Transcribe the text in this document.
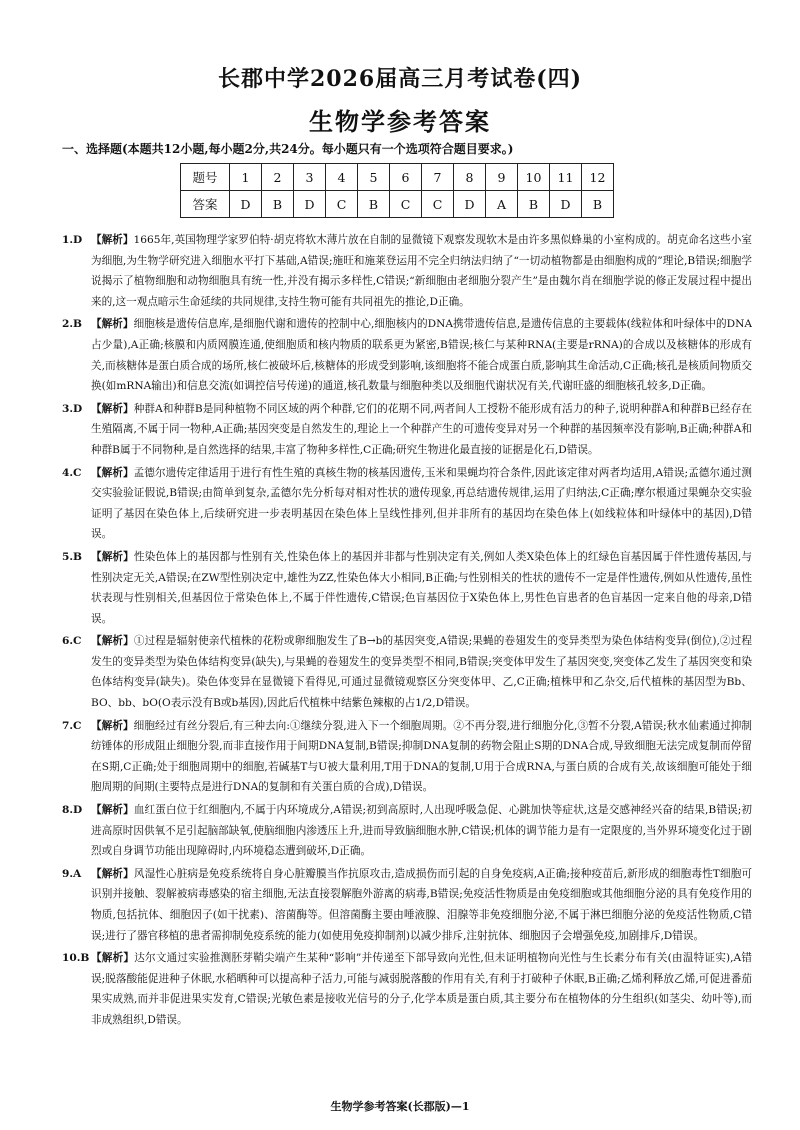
长郡中学2026届高三月考试卷(四)
生物学参考答案
一、选择题(本题共12小题,每小题2分,共24分。每小题只有一个选项符合题目要求。)
题号	1	2	3	4	5	6	7	8	9	10	11	12
答案	D	B	D	C	B	C	C	D	A	B	D	B
1.D 【解析】1665年,英国物理学家罗伯特·胡克将软木薄片放在自制的显微镜下观察发现软木是由许多黑似蜂巢的小室构成的。胡克命名这些小室为细胞,为生物学研究进入细胞水平打下基础,A错误;施旺和施莱登运用不完全归纳法归纳了“一切动植物都是由细胞构成的”理论,B错误;细胞学说揭示了植物细胞和动物细胞具有统一性,并没有揭示多样性,C错误;“新细胞由老细胞分裂产生”是由魏尔肖在细胞学说的修正发展过程中提出来的,这一观点暗示生命延续的共同规律,支持生物可能有共同祖先的推论,D正确。
2.B 【解析】细胞核是遗传信息库,是细胞代谢和遗传的控制中心,细胞核内的DNA携带遗传信息,是遗传信息的主要载体(线粒体和叶绿体中的DNA占少量),A正确;核膜和内质网膜连通,使细胞质和核内物质的联系更为紧密,B错误;核仁与某种RNA(主要是rRNA)的合成以及核糖体的形成有关,而核糖体是蛋白质合成的场所,核仁被破坏后,核糖体的形成受到影响,该细胞将不能合成蛋白质,影响其生命活动,C正确;核孔是核质间物质交换(如mRNA输出)和信息交流(如调控信号传递)的通道,核孔数量与细胞种类以及细胞代谢状况有关,代谢旺盛的细胞核孔较多,D正确。
3.D 【解析】种群A和种群B是同种植物不同区域的两个种群,它们的花期不同,两者间人工授粉不能形成有活力的种子,说明种群A和种群B已经存在生殖隔离,不属于同一物种,A正确;基因突变是自然发生的,理论上一个种群产生的可遗传变异对另一个种群的基因频率没有影响,B正确;种群A和种群B属于不同物种,是自然选择的结果,丰富了物种多样性,C正确;研究生物进化最直接的证据是化石,D错误。
4.C 【解析】孟德尔遗传定律适用于进行有性生殖的真核生物的核基因遗传,玉米和果蝇均符合条件,因此该定律对两者均适用,A错误;孟德尔通过测交实验验证假说,B错误;由简单到复杂,孟德尔先分析每对相对性状的遗传现象,再总结遗传规律,运用了归纳法,C正确;摩尔根通过果蝇杂交实验证明了基因在染色体上,后续研究进一步表明基因在染色体上呈线性排列,但并非所有的基因均在染色体上(如线粒体和叶绿体中的基因),D错误。
5.B 【解析】性染色体上的基因都与性别有关,性染色体上的基因并非都与性别决定有关,例如人类X染色体上的红绿色盲基因属于伴性遗传基因,与性别决定无关,A错误;在ZW型性别决定中,雄性为ZZ,性染色体大小相同,B正确;与性别相关的性状的遗传不一定是伴性遗传,例如从性遗传,虽性状表现与性别相关,但基因位于常染色体上,不属于伴性遗传,C错误;色盲基因位于X染色体上,男性色盲患者的色盲基因一定来自他的母亲,D错误。
6.C 【解析】①过程是辐射使亲代植株的花粉或卵细胞发生了B→b的基因突变,A错误;果蝇的卷翅发生的变异类型为染色体结构变异(倒位),②过程发生的变异类型为染色体结构变异(缺失),与果蝇的卷翅发生的变异类型不相同,B错误;突变体甲发生了基因突变,突变体乙发生了基因突变和染色体结构变异(缺失)。染色体变异在显微镜下看得见,可通过显微镜观察区分突变体甲、乙,C正确;植株甲和乙杂交,后代植株的基因型为Bb、BO、bb、bO(O表示没有B或b基因),因此后代植株中结紫色辣椒的占1/2,D错误。
7.C 【解析】细胞经过有丝分裂后,有三种去向:①继续分裂,进入下一个细胞周期。②不再分裂,进行细胞分化,③暂不分裂,A错误;秋水仙素通过抑制纺锤体的形成阻止细胞分裂,而非直接作用于间期DNA复制,B错误;抑制DNA复制的药物会阻止S期的DNA合成,导致细胞无法完成复制而停留在S期,C正确;处于细胞周期中的细胞,若碱基T与U被大量利用,T用于DNA的复制,U用于合成RNA,与蛋白质的合成有关,故该细胞可能处于细胞周期的间期(主要特点是进行DNA的复制和有关蛋白质的合成),D错误。
8.D 【解析】血红蛋白位于红细胞内,不属于内环境成分,A错误;初到高原时,人出现呼吸急促、心跳加快等症状,这是交感神经兴奋的结果,B错误;初进高原时因供氧不足引起脑部缺氧,使脑细胞内渗透压上升,进而导致脑细胞水肿,C错误;机体的调节能力是有一定限度的,当外界环境变化过于剧烈或自身调节功能出现障碍时,内环境稳态遭到破坏,D正确。
9.A 【解析】风湿性心脏病是免疫系统将自身心脏瓣膜当作抗原攻击,造成损伤而引起的自身免疫病,A正确;接种疫苗后,新形成的细胞毒性T细胞可识别并接触、裂解被病毒感染的宿主细胞,无法直接裂解胞外游离的病毒,B错误;免疫活性物质是由免疫细胞或其他细胞分泌的具有免疫作用的物质,包括抗体、细胞因子(如干扰素)、溶菌酶等。但溶菌酶主要由唾液腺、泪腺等非免疫细胞分泌,不属于淋巴细胞分泌的免疫活性物质,C错误;进行了器官移植的患者需抑制免疫系统的能力(如使用免疫抑制剂)以减少排斥,注射抗体、细胞因子会增强免疫,加剧排斥,D错误。
10.B 【解析】达尔文通过实验推测胚芽鞘尖端产生某种“影响”并传递至下部导致向光性,但未证明植物向光性与生长素分布有关(由温特证实),A错误;脱落酸能促进种子休眠,水稻晒种可以提高种子活力,可能与减弱脱落酸的作用有关,有利于打破种子休眠,B正确;乙烯利释放乙烯,可促进番茄果实成熟,而并非促进果实发育,C错误;光敏色素是接收光信号的分子,化学本质是蛋白质,其主要分布在植物体的分生组织(如茎尖、幼叶等),而非成熟组织,D错误。
生物学参考答案(长郡版)—1
